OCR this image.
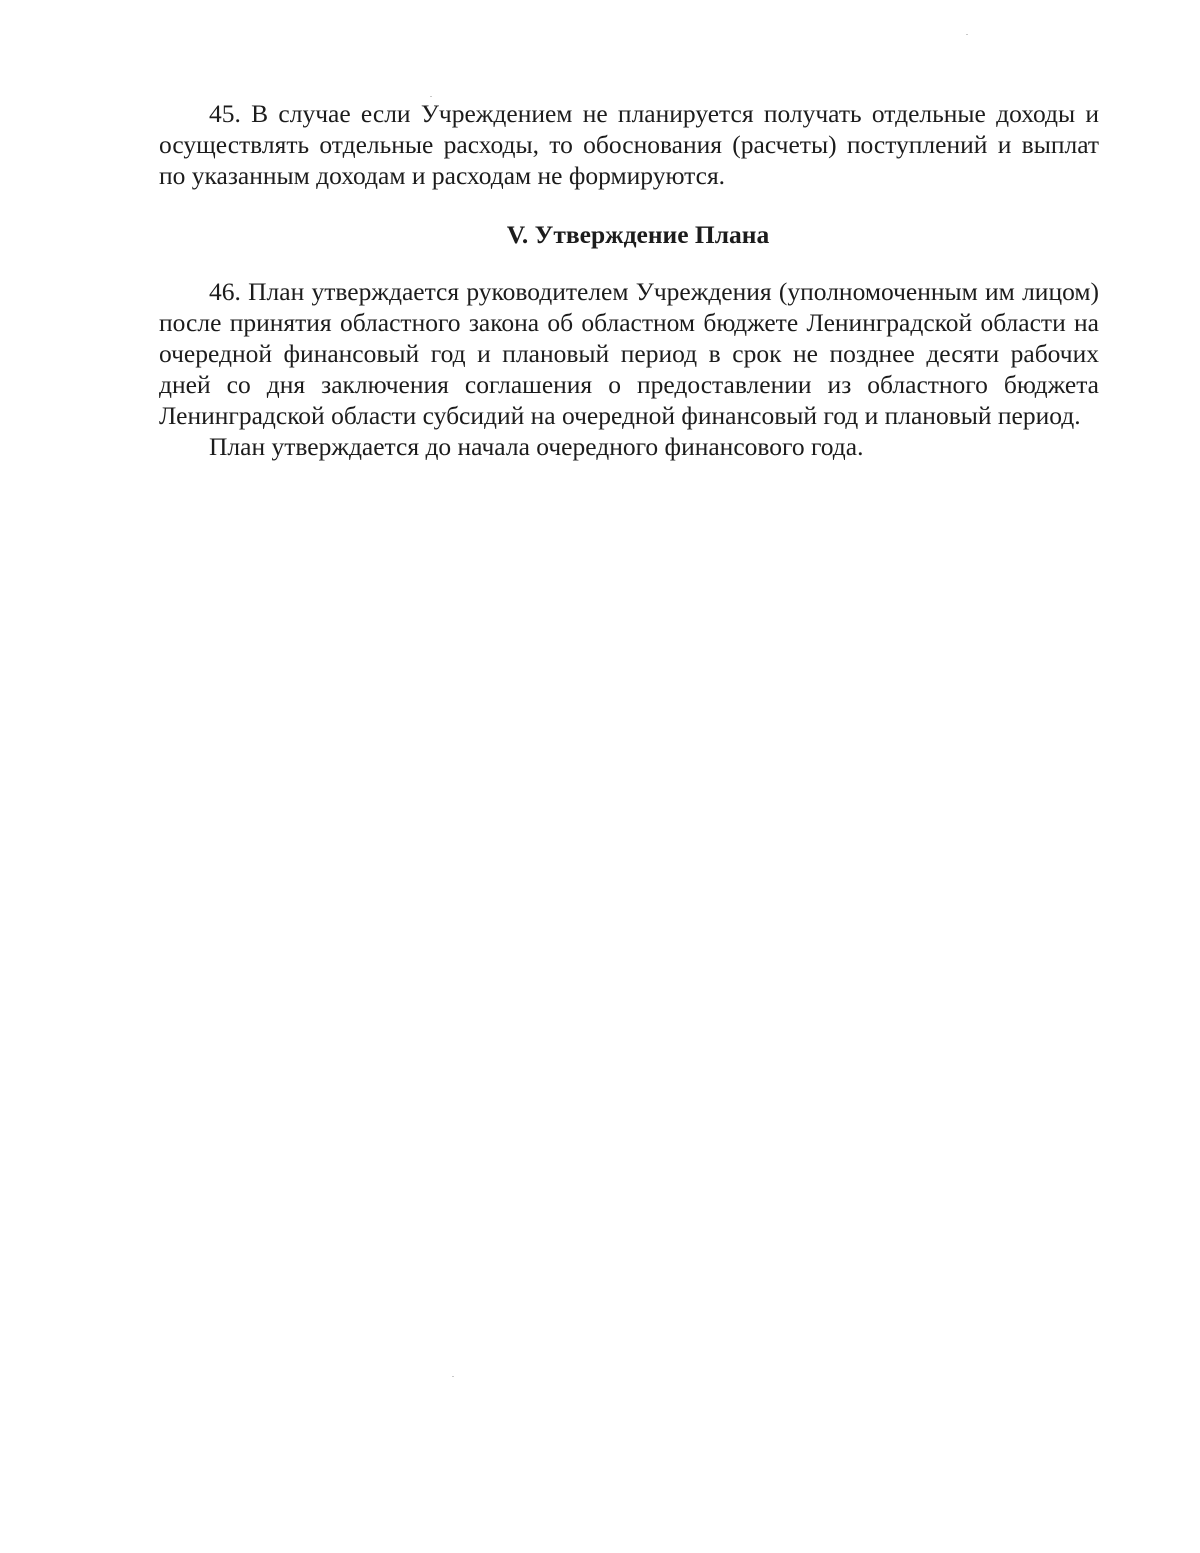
45. В случае если Учреждением не планируется получать отдельные доходы и осуществлять отдельные расходы, то обоснования (расчеты) поступлений и выплат по указанным доходам и расходам не формируются.

V. Утверждение Плана

46. План утверждается руководителем Учреждения (уполномоченным им лицом) после принятия областного закона об областном бюджете Ленинградской области на очередной финансовый год и плановый период в срок не позднее десяти рабочих дней со дня заключения соглашения о предоставлении из областного бюджета Ленинградской области субсидий на очередной финансовый год и плановый период.

План утверждается до начала очередного финансового года.
